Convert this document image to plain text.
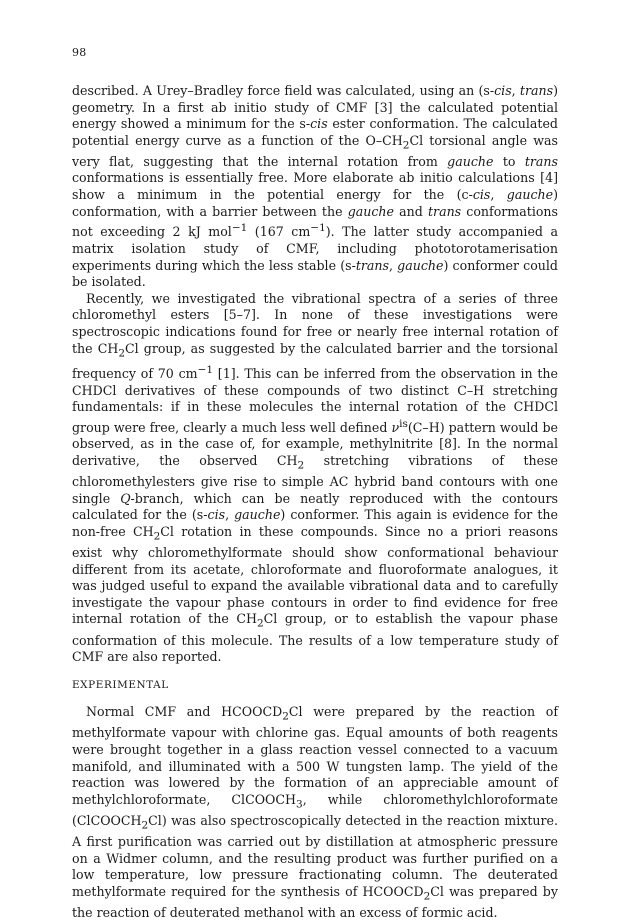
98

described. A Urey–Bradley force field was calculated, using an (s-cis, trans) geometry. In a first ab initio study of CMF [3] the calculated potential energy showed a minimum for the s-cis ester conformation. The calculated potential energy curve as a function of the $O-CH_2Cl$ torsional angle was very flat, suggesting that the internal rotation from gauche to trans conformations is essentially free. More elaborate ab initio calculations [4] show a minimum in the potential energy for the (c-cis, gauche) conformation, with a barrier between the gauche and trans conformations not exceeding 2 kJ mol$^{-1}$ (167 $cm^{-1}$). The latter study accompanied a matrix isolation study of CMF, including phototorotamerisation experiments during which the less stable (s-trans, gauche) conformer could be isolated.

Recently, we investigated the vibrational spectra of a series of three chloromethyl esters [5–7]. In none of these investigations were spectroscopic indications found for free or nearly free internal rotation of the $CH_2Cl$ group, as suggested by the calculated barrier and the torsional frequency of 70 $cm^{-1}$ [1]. This can be inferred from the observation in the CHDCl derivatives of these compounds of two distinct C–H stretching fundamentals: if in these molecules the internal rotation of the CHDCl group were free, clearly a much less well defined $\nu^{is}(C-H)$ pattern would be observed, as in the case of, for example, methylnitrite [8]. In the normal derivative, the observed $CH_2$ stretching vibrations of these chloromethylesters give rise to simple AC hybrid band contours with one single Q-branch, which can be neatly reproduced with the contours calculated for the (s-cis, gauche) conformer. This again is evidence for the non-free $CH_2Cl$ rotation in these compounds. Since no a priori reasons exist why chloromethylformate should show conformational behaviour different from its acetate, chloroformate and fluoroformate analogues, it was judged useful to expand the available vibrational data and to carefully investigate the vapour phase contours in order to find evidence for free internal rotation of the $CH_2Cl$ group, or to establish the vapour phase conformation of this molecule. The results of a low temperature study of CMF are also reported.

EXPERIMENTAL

Normal CMF and $HCOOCD_2Cl$ were prepared by the reaction of methylformate vapour with chlorine gas. Equal amounts of both reagents were brought together in a glass reaction vessel connected to a vacuum manifold, and illuminated with a 500 W tungsten lamp. The yield of the reaction was lowered by the formation of an appreciable amount of methylchloroformate, ClCOOCH$_3$, while chloromethylchloroformate (ClCOOCH$_2$Cl) was also spectroscopically detected in the reaction mixture. A first purification was carried out by distillation at atmospheric pressure on a Widmer column, and the resulting product was further purified on a low temperature, low pressure fractionating column. The deuterated methylformate required for the synthesis of $HCOOCD_2Cl$ was prepared by the reaction of deuterated methanol with an excess of formic acid.
